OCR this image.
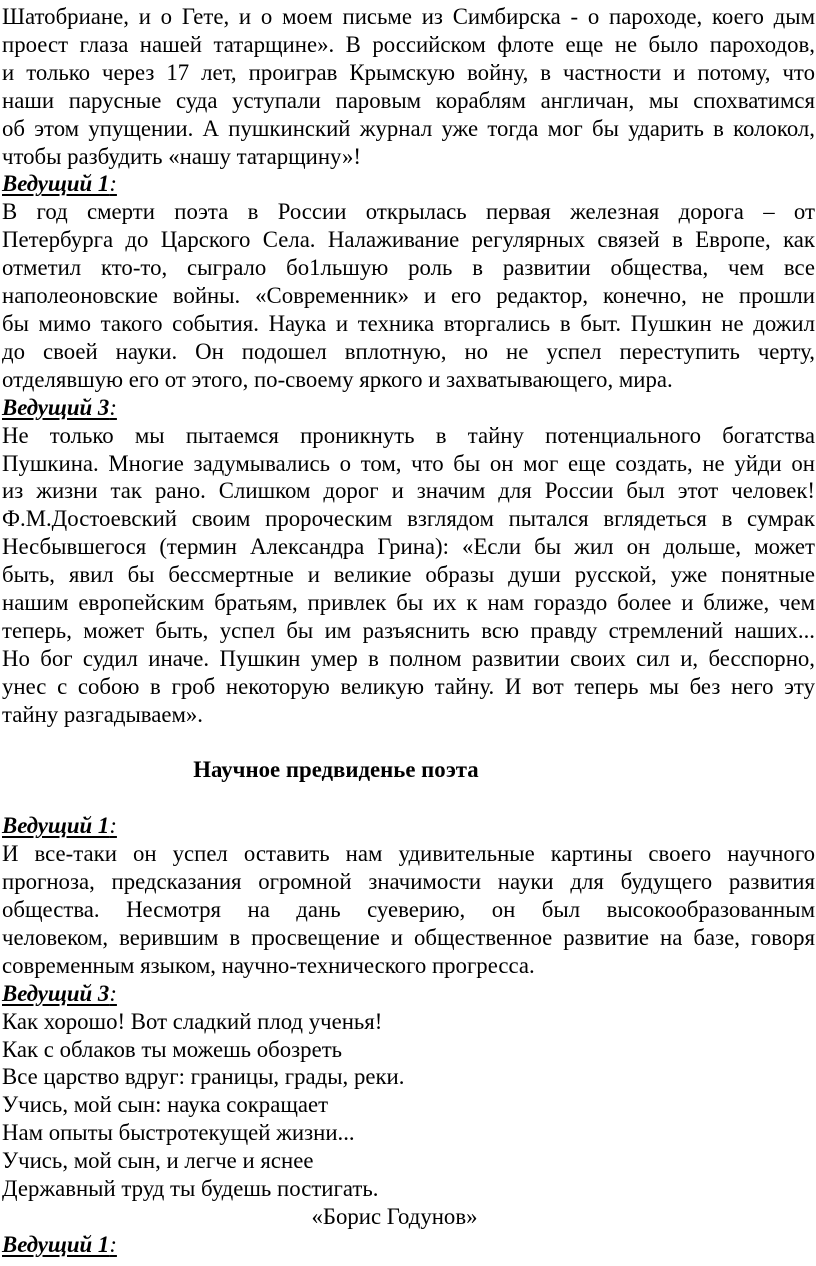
Шатобриане, и о Гете, и о моем письме из Симбирска - о пароходе, коего дым
проест глаза нашей татарщине». В российском флоте еще не было пароходов,
и только через 17 лет, проиграв Крымскую войну, в частности и потому, что
наши парусные суда уступали паровым кораблям англичан, мы спохватимся
об этом упущении. А пушкинский журнал уже тогда мог бы ударить в колокол,
чтобы разбудить «нашу татарщину»!
Ведущий 1:
В год смерти поэта в России открылась первая железная дорога – от
Петербурга до Царского Села. Налаживание регулярных связей в Европе, как
отметил кто-то, сыграло бо1льшую роль в развитии общества, чем все
наполеоновские войны. «Современник» и его редактор, конечно, не прошли
бы мимо такого события. Наука и техника вторгались в быт. Пушкин не дожил
до своей науки. Он подошел вплотную, но не успел переступить черту,
отделявшую его от этого, по-своему яркого и захватывающего, мира.
Ведущий 3:
Не только мы пытаемся проникнуть в тайну потенциального богатства
Пушкина. Многие задумывались о том, что бы он мог еще создать, не уйди он
из жизни так рано. Слишком дорог и значим для России был этот человек!
Ф.М.Достоевский своим пророческим взглядом пытался вглядеться в сумрак
Несбывшегося (термин Александра Грина): «Если бы жил он дольше, может
быть, явил бы бессмертные и великие образы души русской, уже понятные
нашим европейским братьям, привлек бы их к нам гораздо более и ближе, чем
теперь, может быть, успел бы им разъяснить всю правду стремлений наших...
Но бог судил иначе. Пушкин умер в полном развитии своих сил и, бесспорно,
унес с собою в гроб некоторую великую тайну. И вот теперь мы без него эту
тайну разгадываем».
Научное предвиденье поэта
Ведущий 1:
И все-таки он успел оставить нам удивительные картины своего научного
прогноза, предсказания огромной значимости науки для будущего развития
общества. Несмотря на дань суеверию, он был высокообразованным
человеком, верившим в просвещение и общественное развитие на базе, говоря
современным языком, научно-технического прогресса.
Ведущий 3:
Как хорошо! Вот сладкий плод ученья!
Как с облаков ты можешь обозреть
Все царство вдруг: границы, грады, реки.
Учись, мой сын: наука сокращает
Нам опыты быстротекущей жизни...
Учись, мой сын, и легче и яснее
Державный труд ты будешь постигать.
«Борис Годунов»
Ведущий 1:
